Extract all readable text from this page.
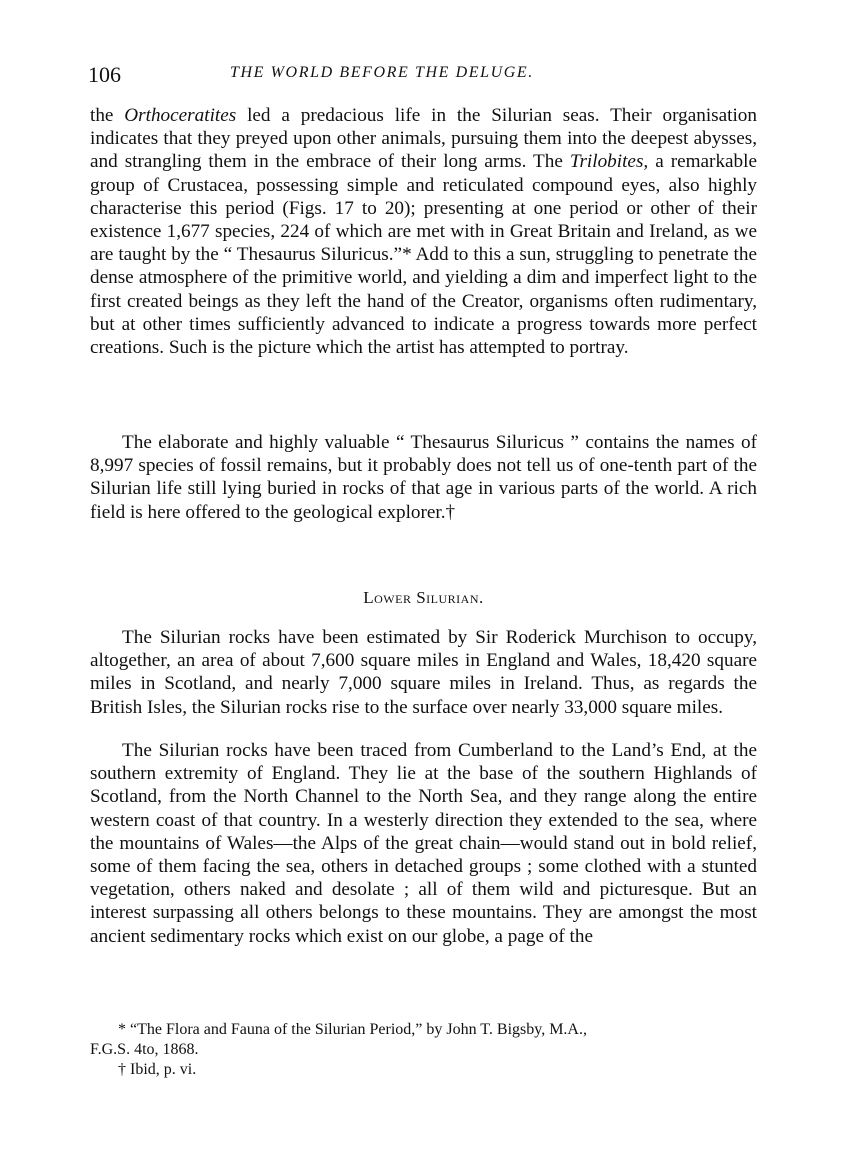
106	THE WORLD BEFORE THE DELUGE.

the Orthoceratites led a predacious life in the Silurian seas. Their organisation indicates that they preyed upon other animals, pursuing them into the deepest abysses, and strangling them in the embrace of their long arms. The Trilobites, a remarkable group of Crustacea, possessing simple and reticulated compound eyes, also highly characterise this period (Figs. 17 to 20); presenting at one period or other of their existence 1,677 species, 224 of which are met with in Great Britain and Ireland, as we are taught by the “ Thesaurus Siluricus.”* Add to this a sun, struggling to penetrate the dense atmosphere of the primitive world, and yielding a dim and imperfect light to the first created beings as they left the hand of the Creator, organisms often rudimentary, but at other times sufficiently advanced to indicate a progress towards more perfect creations. Such is the picture which the artist has attempted to portray.

The elaborate and highly valuable “ Thesaurus Siluricus ” contains the names of 8,997 species of fossil remains, but it probably does not tell us of one-tenth part of the Silurian life still lying buried in rocks of that age in various parts of the world. A rich field is here offered to the geological explorer.†

Lower Silurian.

The Silurian rocks have been estimated by Sir Roderick Murchison to occupy, altogether, an area of about 7,600 square miles in England and Wales, 18,420 square miles in Scotland, and nearly 7,000 square miles in Ireland. Thus, as regards the British Isles, the Silurian rocks rise to the surface over nearly 33,000 square miles.

The Silurian rocks have been traced from Cumberland to the Land’s End, at the southern extremity of England. They lie at the base of the southern Highlands of Scotland, from the North Channel to the North Sea, and they range along the entire western coast of that country. In a westerly direction they extended to the sea, where the mountains of Wales—the Alps of the great chain—would stand out in bold relief, some of them facing the sea, others in detached groups ; some clothed with a stunted vegetation, others naked and desolate ; all of them wild and picturesque. But an interest surpassing all others belongs to these mountains. They are amongst the most ancient sedimentary rocks which exist on our globe, a page of the

* “The Flora and Fauna of the Silurian Period,” by John T. Bigsby, M.A.,
F.G.S. 4to, 1868.
† Ibid, p. vi.
